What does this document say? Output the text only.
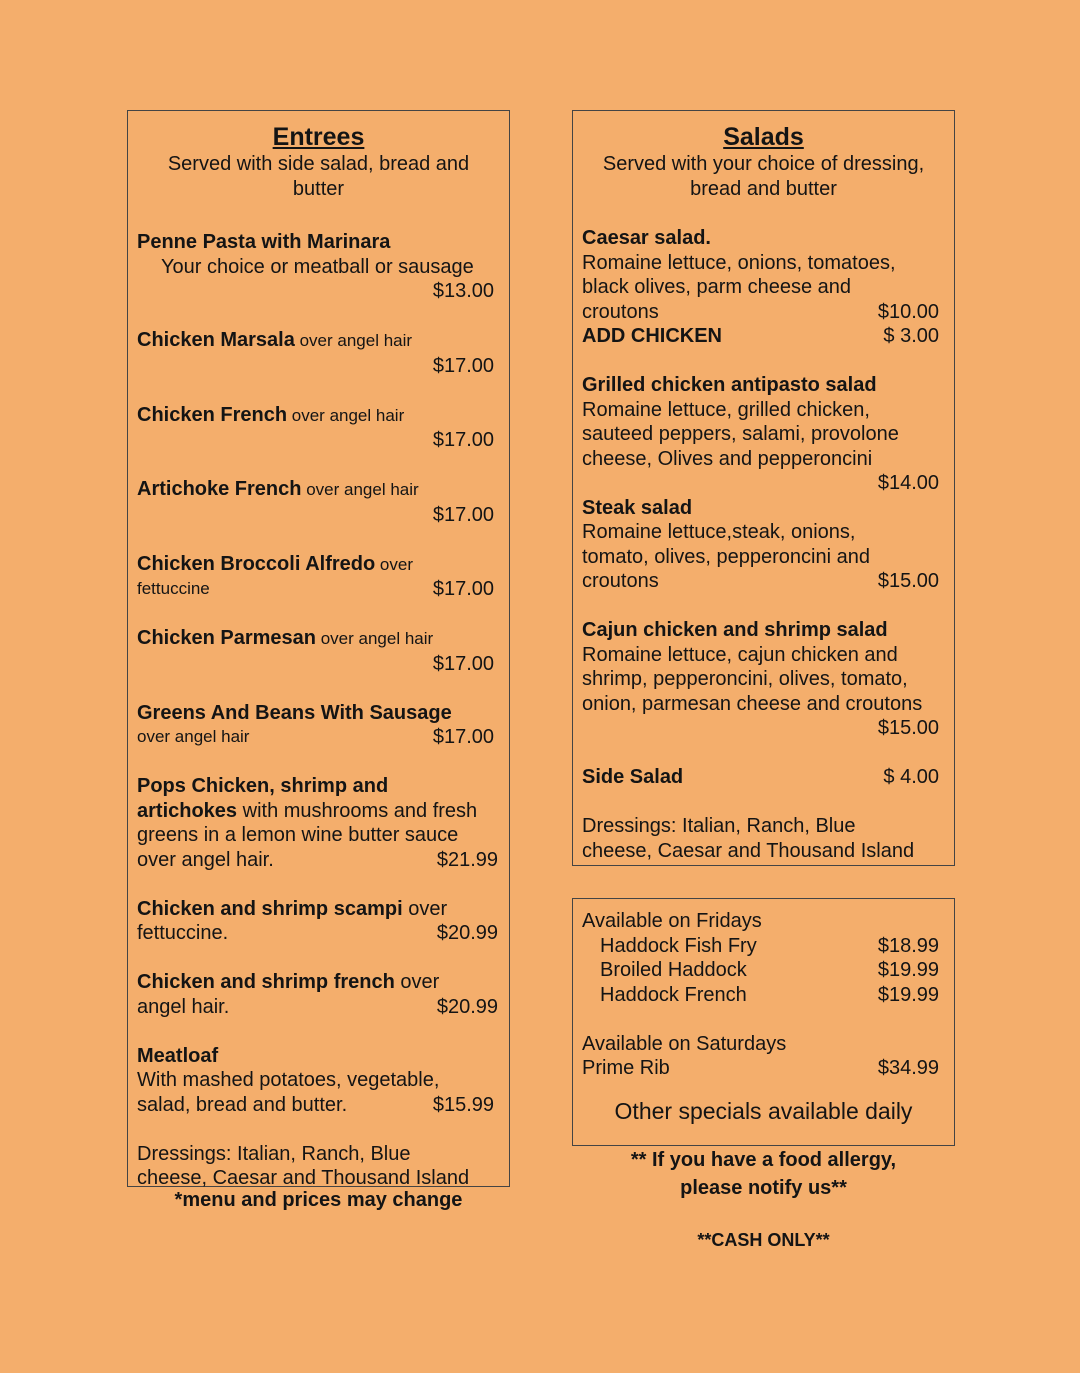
Entrees
Served with side salad, bread and
butter
Penne Pasta with Marinara
Your choice or meatball or sausage
$13.00
Chicken Marsala over angel hair
$17.00
Chicken French over angel hair
$17.00
Artichoke French over angel hair
$17.00
Chicken Broccoli Alfredo over
fettuccine	$17.00
Chicken Parmesan over angel hair
$17.00
Greens And Beans With Sausage
over angel hair	$17.00
Pops Chicken, shrimp and
artichokes with mushrooms and fresh
greens in a lemon wine butter sauce
over angel hair.	$21.99
Chicken and shrimp scampi over
fettuccine.	$20.99
Chicken and shrimp french over
angel hair.	$20.99
Meatloaf
With mashed potatoes, vegetable,
salad, bread and butter.	$15.99
Dressings: Italian, Ranch, Blue
cheese, Caesar and Thousand Island
*menu and prices may change
Salads
Served with your choice of dressing,
bread and butter
Caesar salad.
Romaine lettuce, onions, tomatoes,
black olives, parm cheese and
croutons	$10.00
ADD CHICKEN	$ 3.00
Grilled chicken antipasto salad
Romaine lettuce, grilled chicken,
sauteed peppers, salami, provolone
cheese, Olives and pepperoncini
$14.00
Steak salad
Romaine lettuce,steak, onions,
tomato, olives, pepperoncini and
croutons	$15.00
Cajun chicken and shrimp salad
Romaine lettuce, cajun chicken and
shrimp, pepperoncini, olives, tomato,
onion, parmesan cheese and croutons
$15.00
Side Salad	$ 4.00
Dressings: Italian, Ranch, Blue
cheese, Caesar and Thousand Island
Available on Fridays
Haddock Fish Fry	$18.99
Broiled Haddock	$19.99
Haddock French	$19.99
Available on Saturdays
Prime Rib	$34.99
Other specials available daily
** If you have a food allergy,
please notify us**
**CASH ONLY**
